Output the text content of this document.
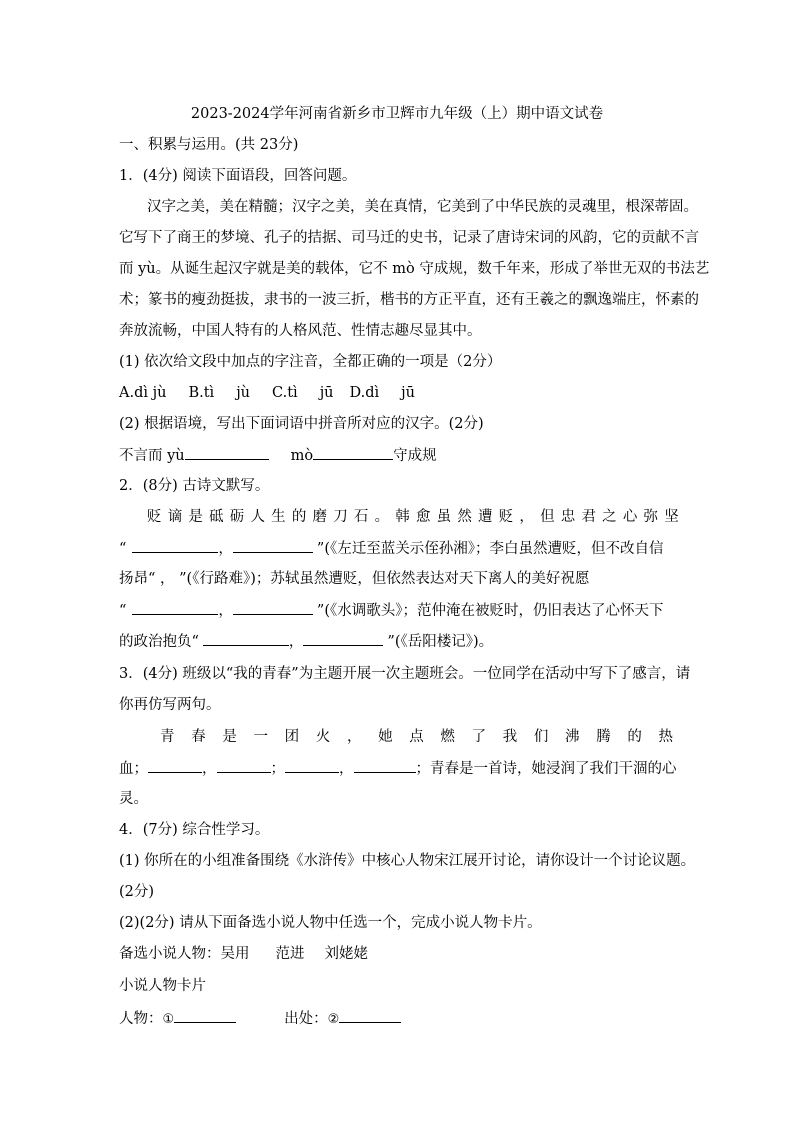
2023-2024学年河南省新乡市卫辉市九年级（上）期中语文试卷
一、积累与运用。(共 23分)
1．(4分) 阅读下面语段，回答问题。
汉字之美，美在精髓；汉字之美，美在真情，它美到了中华民族的灵魂里，根深蒂固。
它写下了商王的梦境、孔子的拮据、司马迁的史书，记录了唐诗宋词的风韵，它的贡献不言
而 yù。从诞生起汉字就是美的载体，它不 mò 守成规，数千年来，形成了举世无双的书法艺
术；篆书的瘦劲挺拔，隶书的一波三折，楷书的方正平直，还有王羲之的飘逸端庄，怀素的
奔放流畅，中国人特有的人格风范、性情志趣尽显其中。
(1) 依次给文段中加点的字注音，全都正确的一项是（2分）
A.dì jù B.tì jù C.tì jū D.dì jū
(2) 根据语境，写出下面词语中拼音所对应的汉字。(2分)
不言而 yù	mò	守成规
2．(8分) 古诗文默写。
贬 谪 是 砥 砺 人 生 的 磨 刀 石 。 韩 愈 虽 然 遭 贬 ， 但 忠 君 之 心 弥 坚
“	，	”(《左迁至蓝关示侄孙湘》；李白虽然遭贬，但不改自信
扬昂“ ， ”(《行路难》)；苏轼虽然遭贬，但依然表达对天下离人的美好祝愿
“	，	”(《水调歌头》；范仲淹在被贬时，仍旧表达了心怀天下
的政治抱负“	，	”(《岳阳楼记》)。
3．(4分) 班级以“我的青春”为主题开展一次主题班会。一位同学在活动中写下了感言，请
你再仿写两句。
青 春 是 一 团 火 ， 她 点 燃 了 我 们 沸 腾 的 热
血；	，	；	，	；青春是一首诗，她浸润了我们干涸的心
灵。
4．(7分) 综合性学习。
(1) 你所在的小组准备围绕《水浒传》中核心人物宋江展开讨论，请你设计一个讨论议题。
(2分)
(2)(2分) 请从下面备选小说人物中任选一个，完成小说人物卡片。
备选小说人物：吴用 范进 刘姥姥
小说人物卡片
人物：①	出处：②
